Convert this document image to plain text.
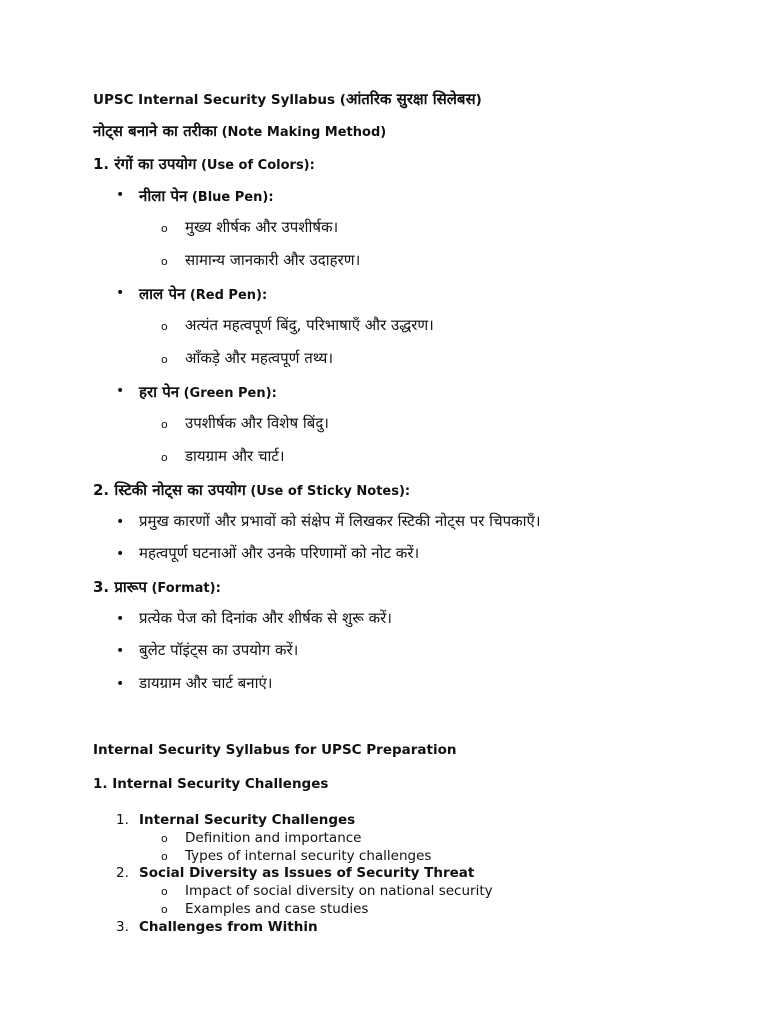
UPSC Internal Security Syllabus (आंतरिक सुरक्षा सिलेबस)
नोट्स बनाने का तरीका (Note Making Method)
1. रंगों का उपयोग (Use of Colors):
• नीला पेन (Blue Pen):
o मुख्य शीर्षक और उपशीर्षक।
o सामान्य जानकारी और उदाहरण।
• लाल पेन (Red Pen):
o अत्यंत महत्वपूर्ण बिंदु, परिभाषाएँ और उद्धरण।
o आँकड़े और महत्वपूर्ण तथ्य।
• हरा पेन (Green Pen):
o उपशीर्षक और विशेष बिंदु।
o डायग्राम और चार्ट।
2. स्टिकी नोट्स का उपयोग (Use of Sticky Notes):
• प्रमुख कारणों और प्रभावों को संक्षेप में लिखकर स्टिकी नोट्स पर चिपकाएँ।
• महत्वपूर्ण घटनाओं और उनके परिणामों को नोट करें।
3. प्रारूप (Format):
• प्रत्येक पेज को दिनांक और शीर्षक से शुरू करें।
• बुलेट पॉइंट्स का उपयोग करें।
• डायग्राम और चार्ट बनाएं।
Internal Security Syllabus for UPSC Preparation
1. Internal Security Challenges
1. Internal Security Challenges
o Definition and importance
o Types of internal security challenges
2. Social Diversity as Issues of Security Threat
o Impact of social diversity on national security
o Examples and case studies
3. Challenges from Within
